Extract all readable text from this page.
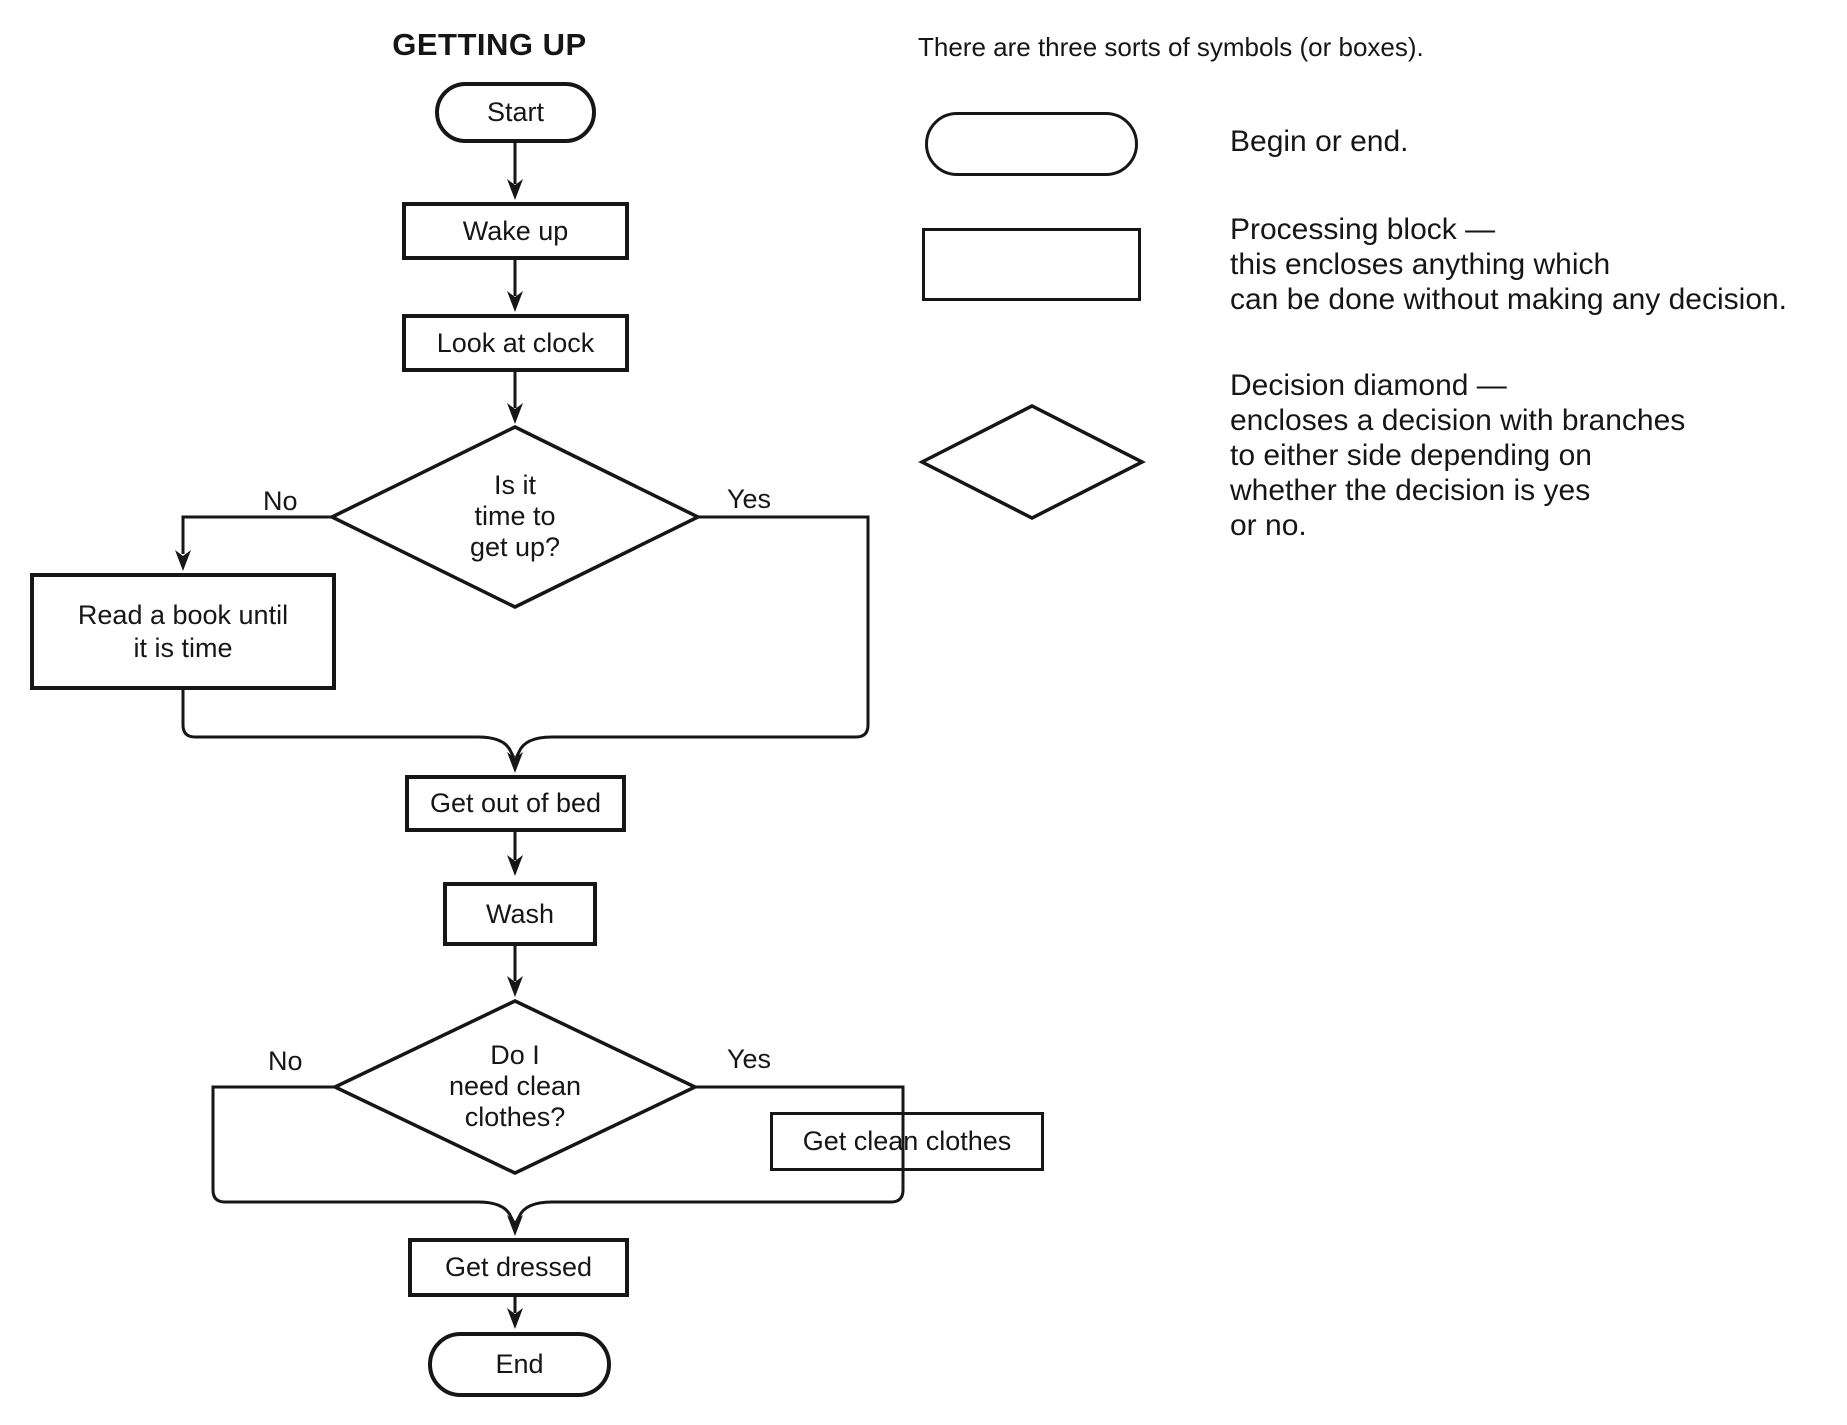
GETTING UP
Start
Wake up
Look at clock
Is it
time to
get up?
No	Yes
Read a book until
it is time
Get out of bed
Wash
Do I
need clean
clothes?
No	Yes
Get clean clothes
Get dressed
End
There are three sorts of symbols (or boxes).
Begin or end.
Processing block —
this encloses anything which
can be done without making any decision.
Decision diamond —
encloses a decision with branches
to either side depending on
whether the decision is yes
or no.
